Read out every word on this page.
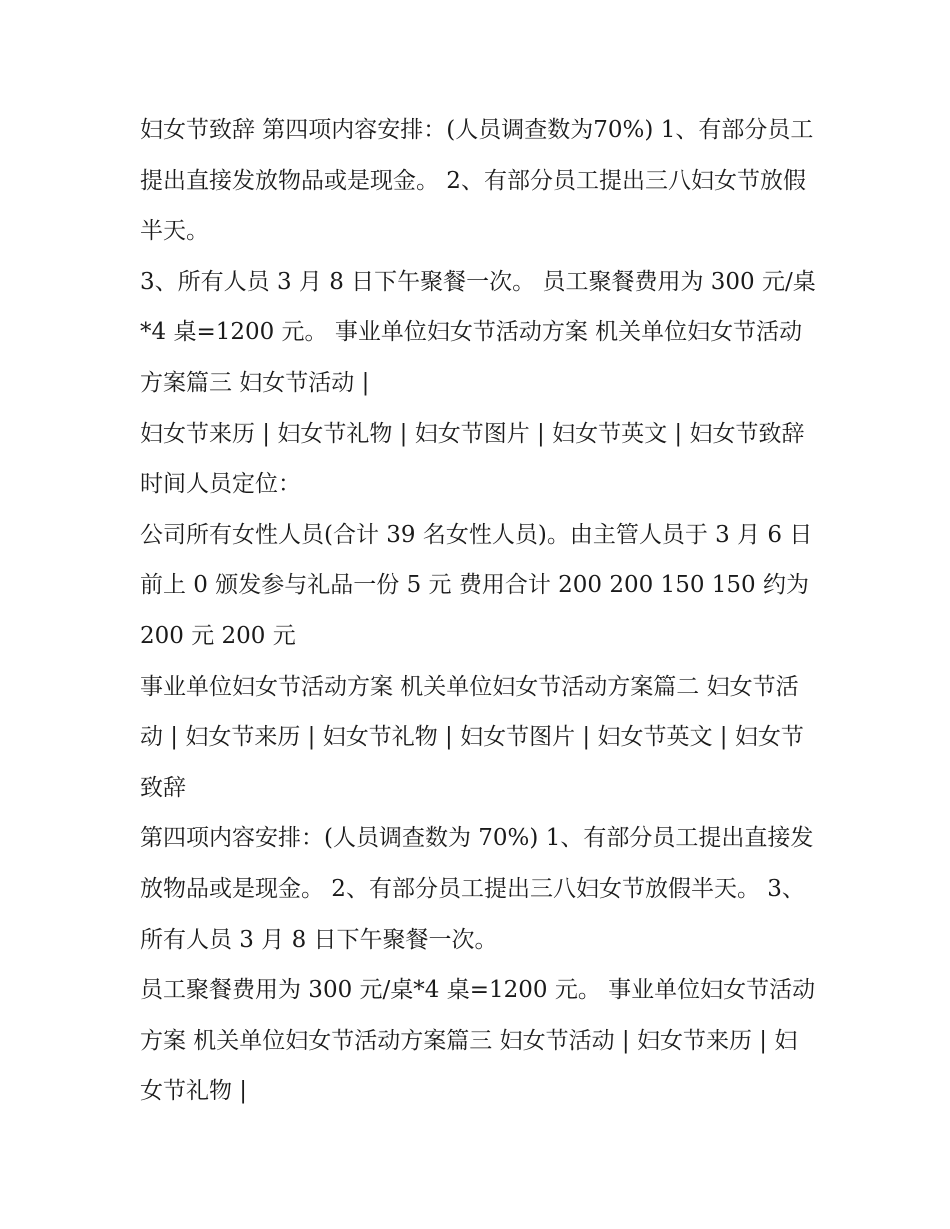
妇女节致辞 第四项内容安排：(人员调查数为70%) 1、有部分员工提出直接发放物品或是现金。 2、有部分员工提出三八妇女节放假半天。

3、所有人员 3 月 8 日下午聚餐一次。 员工聚餐费用为 300 元/桌*4 桌=1200 元。 事业单位妇女节活动方案 机关单位妇女节活动方案篇三 妇女节活动 |

妇女节来历 | 妇女节礼物 | 妇女节图片 | 妇女节英文 | 妇女节致辞 时间人员定位：

公司所有女性人员(合计 39 名女性人员)。由主管人员于 3 月 6 日前上 0 颁发参与礼品一份 5 元 费用合计 200 200 150 150 约为 200 元 200 元

事业单位妇女节活动方案 机关单位妇女节活动方案篇二 妇女节活动 | 妇女节来历 | 妇女节礼物 | 妇女节图片 | 妇女节英文 | 妇女节致辞

第四项内容安排：(人员调查数为 70%) 1、有部分员工提出直接发放物品或是现金。 2、有部分员工提出三八妇女节放假半天。 3、所有人员 3 月 8 日下午聚餐一次。

员工聚餐费用为 300 元/桌*4 桌=1200 元。 事业单位妇女节活动方案 机关单位妇女节活动方案篇三 妇女节活动 | 妇女节来历 | 妇女节礼物 |
